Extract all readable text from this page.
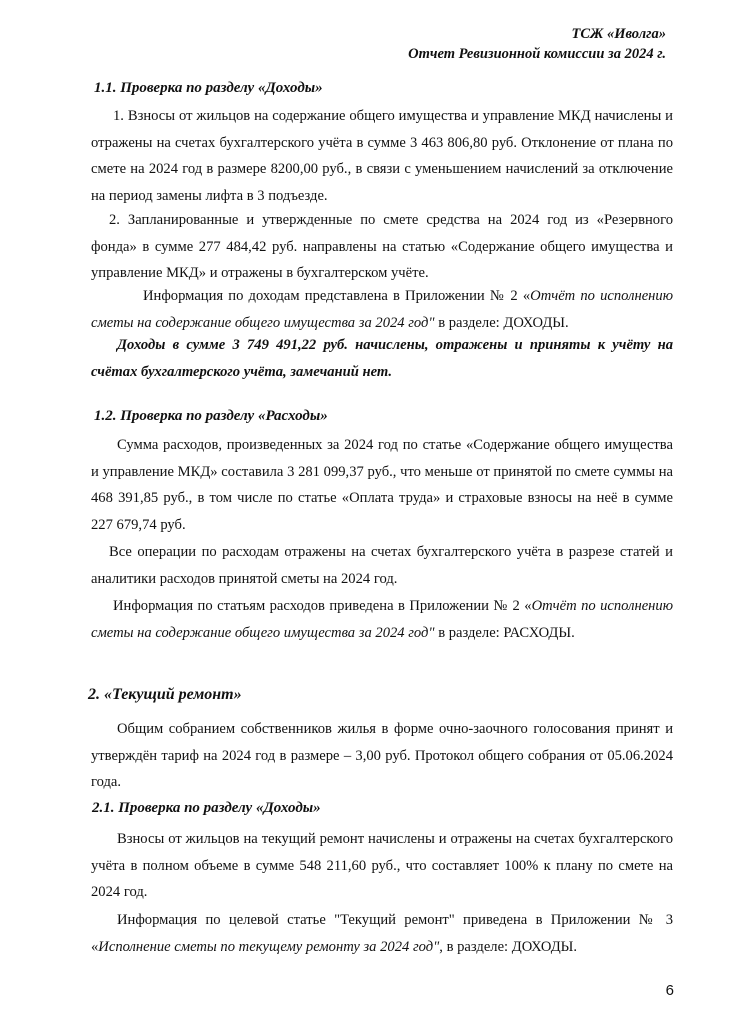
ТСЖ «Иволга»
Отчет Ревизионной комиссии за 2024 г.
1.1. Проверка по разделу «Доходы»

1. Взносы от жильцов на содержание общего имущества и управление МКД начислены и отражены на счетах бухгалтерского учёта в сумме 3 463 806,80 руб. Отклонение от плана по смете на 2024 год в размере 8200,00 руб., в связи с уменьшением начислений за отключение на период замены лифта в 3 подъезде.

2. Запланированные и утвержденные по смете средства на 2024 год из «Резервного фонда» в сумме 277 484,42 руб. направлены на статью «Содержание общего имущества и управление МКД» и отражены в бухгалтерском учёте.

Информация по доходам представлена в Приложении № 2 «Отчёт по исполнению сметы на содержание общего имущества за 2024 год" в разделе: ДОХОДЫ.

Доходы в сумме 3 749 491,22 руб. начислены, отражены и приняты к учёту на счётах бухгалтерского учёта, замечаний нет.

1.2. Проверка по разделу «Расходы»

Сумма расходов, произведенных за 2024 год по статье «Содержание общего имущества и управление МКД» составила 3 281 099,37 руб., что меньше от принятой по смете суммы на 468 391,85 руб., в том числе по статье «Оплата труда» и страховые взносы на неё в сумме 227 679,74 руб.

Все операции по расходам отражены на счетах бухгалтерского учёта в разрезе статей и аналитики расходов принятой сметы на 2024 год.

Информация по статьям расходов приведена в Приложении № 2 «Отчёт по исполнению сметы на содержание общего имущества за 2024 год" в разделе: РАСХОДЫ.

2. «Текущий ремонт»

Общим собранием собственников жилья в форме очно-заочного голосования принят и утверждён тариф на 2024 год в размере – 3,00 руб. Протокол общего собрания от 05.06.2024 года.

2.1. Проверка по разделу «Доходы»

Взносы от жильцов на текущий ремонт начислены и отражены на счетах бухгалтерского учёта в полном объеме в сумме 548 211,60 руб., что составляет 100% к плану по смете на 2024 год.

Информация по целевой статье "Текущий ремонт" приведена в Приложении № 3 «Исполнение сметы по текущему ремонту за 2024 год", в разделе: ДОХОДЫ.

6
